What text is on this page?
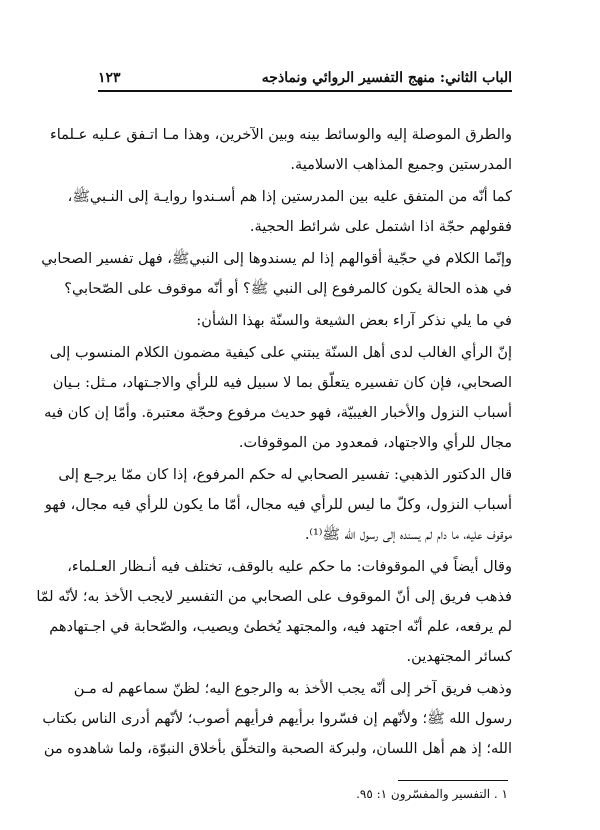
الباب الثاني: منهج التفسير الروائي ونماذجه
١٢٣
والطرق الموصلة إليه والوسائط بينه وبين الآخرين، وهذا مـا اتـفق عـليه عـلماء
المدرستين وجميع المذاهب الاسلامية.
كما أنّه من المتفق عليه بين المدرستين إذا هم أسـندوا روايـة إلى النـبيﷺ،
فقولهم حجّة اذا اشتمل على شرائط الحجية.
وإنّما الكلام في حجّية أقوالهم إذا لم يسندوها إلى النبيﷺ، فهل تفسير الصحابي
في هذه الحالة يكون كالمرفوع إلى النبي ﷺ؟ أو أنّه موقوف على الصّحابي؟
في ما يلي نذكر آراء بعض الشيعة والسنّة بهذا الشأن:
إنّ الرأي الغالب لدى أهل السنّة يبتني على كيفية مضمون الكلام المنسوب إلى
الصحابي، فإن كان تفسيره يتعلّق بما لا سبيل فيه للرأي والاجـتهاد، مـثل: بـيان
أسباب النزول والأخبار الغيبيّة، فهو حديث مرفوع وحجّة معتبرة. وأمّا إن كان فيه
مجال للرأي والاجتهاد، فمعدود من الموقوفات.
قال الدكتور الذهبي: تفسير الصحابي له حكم المرفوع، إذا كان ممّا يرجـع إلى
أسباب النزول، وكلّ ما ليس للرأي فيه مجال، أمّا ما يكون للرأي فيه مجال، فهو
موقوف عليه، ما دام لم يسنده إلى رسول الله ﷺ⁽¹⁾.
وقال أيضاً في الموقوفات: ما حكم عليه بالوقف، تختلف فيه أنـظار العـلماء،
فذهب فريق إلى أنّ الموقوف على الصحابي من التفسير لايجب الأخذ به؛ لأنّه لمّا
لم يرفعه، علم أنّه اجتهد فيه، والمجتهد يُخطئ ويصيب، والصّحابة في اجـتهادهم
كسائر المجتهدين.
وذهب فريق آخر إلى أنّه يجب الأخذ به والرجوع اليه؛ لظنّ سماعهم له مـن
رسول الله ﷺ؛ ولأنّهم إن فسّروا برأيهم فرأيهم أصوب؛ لأنّهم أدرى الناس بكتاب
الله؛ إذ هم أهل اللسان، ولبركة الصحبة والتخلّق بأخلاق النبوّة، ولما شاهدوه من
١ . التفسير والمفسّرون ١: ٩٥.
